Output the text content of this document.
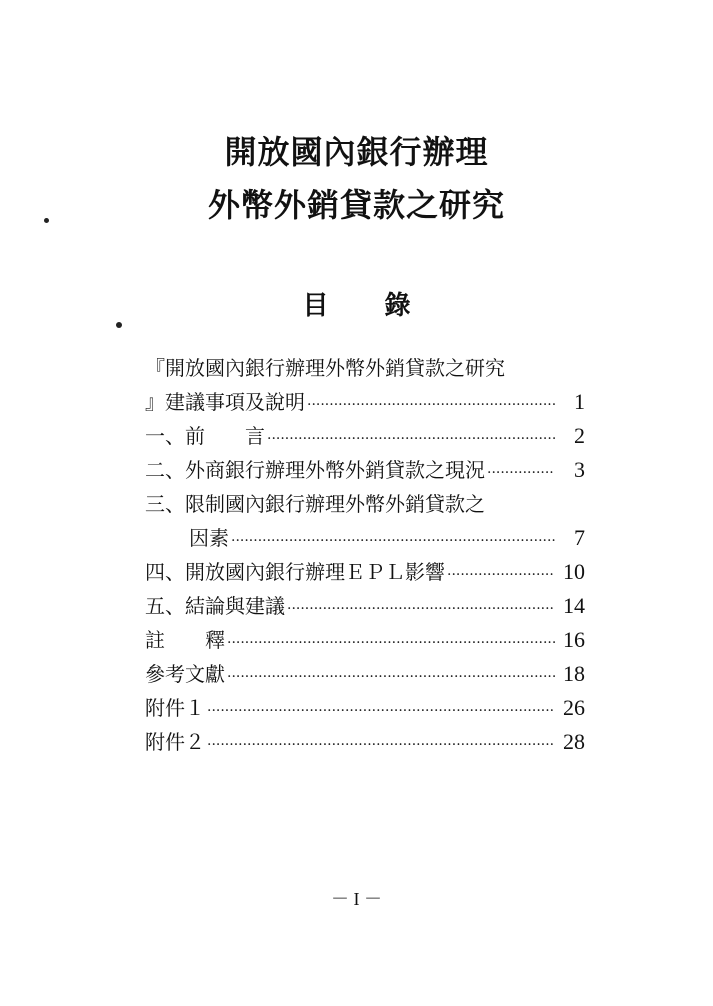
開放國內銀行辦理
外幣外銷貸款之研究
目 錄
『開放國內銀行辦理外幣外銷貸款之研究
』建議事項及說明 ·····	1
一、前　　言 ·····	2
二、外商銀行辦理外幣外銷貸款之現況 ·····	3
三、限制國內銀行辦理外幣外銷貸款之
因素 ·····	7
四、開放國內銀行辦理ＥＰＬ影響 ·····	10
五、結論與建議 ·····	14
註　　釋 ·····	16
參考文獻 ·····	18
附件１ ·····	26
附件２ ·····	28
－ I －
